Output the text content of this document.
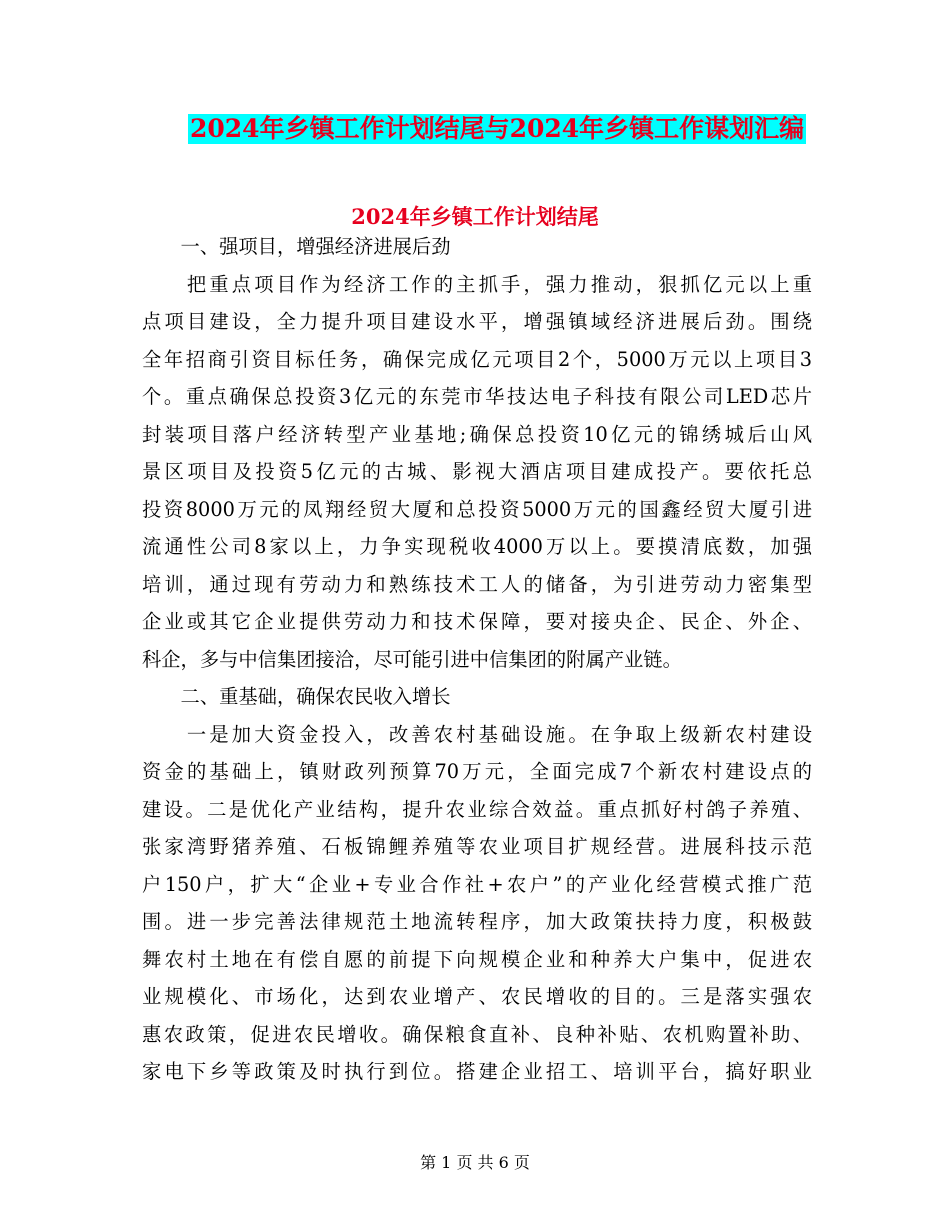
2024年乡镇工作计划结尾与2024年乡镇工作谋划汇编
2024年乡镇工作计划结尾
　　一、强项目，增强经济进展后劲
　　把重点项目作为经济工作的主抓手，强力推动，狠抓亿元以上重
点项目建设，全力提升项目建设水平，增强镇域经济进展后劲。围绕
全年招商引资目标任务，确保完成亿元项目2个，5000万元以上项目3
个。重点确保总投资3亿元的东莞市华技达电子科技有限公司LED芯片
封装项目落户经济转型产业基地;确保总投资10亿元的锦绣城后山风
景区项目及投资5亿元的古城、影视大酒店项目建成投产。要依托总
投资8000万元的凤翔经贸大厦和总投资5000万元的国鑫经贸大厦引进
流通性公司8家以上，力争实现税收4000万以上。要摸清底数，加强
培训，通过现有劳动力和熟练技术工人的储备，为引进劳动力密集型
企业或其它企业提供劳动力和技术保障，要对接央企、民企、外企、
科企，多与中信集团接洽，尽可能引进中信集团的附属产业链。
　　二、重基础，确保农民收入增长
　　一是加大资金投入，改善农村基础设施。在争取上级新农村建设
资金的基础上，镇财政列预算70万元，全面完成7个新农村建设点的
建设。二是优化产业结构，提升农业综合效益。重点抓好村鸽子养殖、
张家湾野猪养殖、石板锦鲤养殖等农业项目扩规经营。进展科技示范
户150户，扩大“企业+专业合作社+农户”的产业化经营模式推广范
围。进一步完善法律规范土地流转程序，加大政策扶持力度，积极鼓
舞农村土地在有偿自愿的前提下向规模企业和种养大户集中，促进农
业规模化、市场化，达到农业增产、农民增收的目的。三是落实强农
惠农政策，促进农民增收。确保粮食直补、良种补贴、农机购置补助、
家电下乡等政策及时执行到位。搭建企业招工、培训平台，搞好职业
第 1 页 共 6 页
